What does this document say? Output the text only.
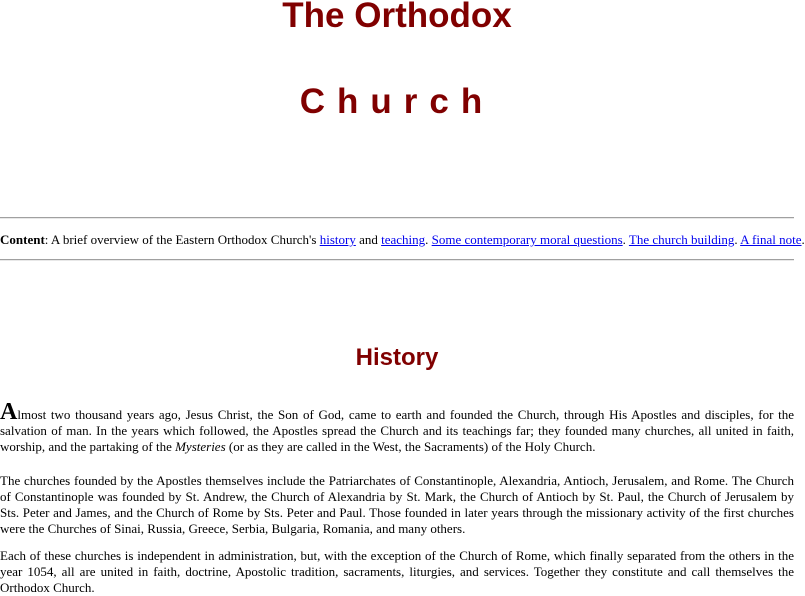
The Orthodox
Church
Content: A brief overview of the Eastern Orthodox Church's history and teaching. Some contemporary moral questions. The church building. A final note.
History

Almost two thousand years ago, Jesus Christ, the Son of God, came to earth and founded the Church, through His Apostles and disciples, for the salvation of man. In the years which followed, the Apostles spread the Church and its teachings far; they founded many churches, all united in faith, worship, and the partaking of the Mysteries (or as they are called in the West, the Sacraments) of the Holy Church.

The churches founded by the Apostles themselves include the Patriarchates of Constantinople, Alexandria, Antioch, Jerusalem, and Rome. The Church of Constantinople was founded by St. Andrew, the Church of Alexandria by St. Mark, the Church of Antioch by St. Paul, the Church of Jerusalem by Sts. Peter and James, and the Church of Rome by Sts. Peter and Paul. Those founded in later years through the missionary activity of the first churches were the Churches of Sinai, Russia, Greece, Serbia, Bulgaria, Romania, and many others.

Each of these churches is independent in administration, but, with the exception of the Church of Rome, which finally separated from the others in the year 1054, all are united in faith, doctrine, Apostolic tradition, sacraments, liturgies, and services. Together they constitute and call themselves the Orthodox Church.
